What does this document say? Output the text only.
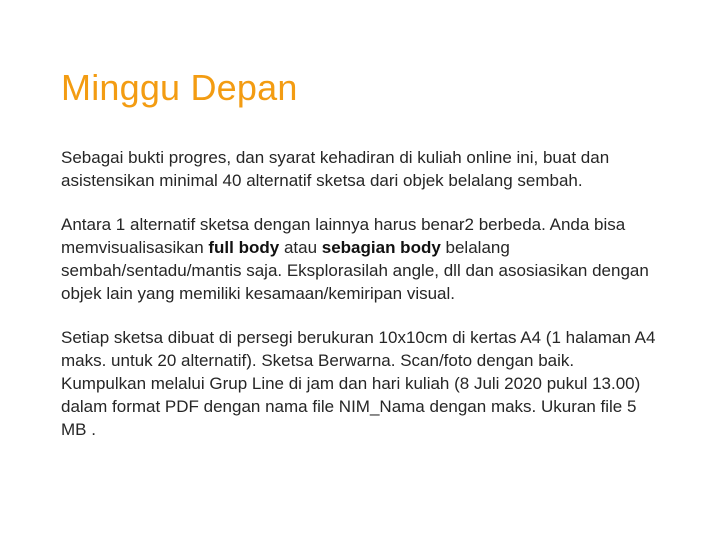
Minggu Depan

Sebagai bukti progres, dan syarat kehadiran di kuliah online ini, buat dan asistensikan minimal 40 alternatif sketsa dari objek belalang sembah.

Antara 1 alternatif sketsa dengan lainnya harus benar2 berbeda. Anda bisa memvisualisasikan full body atau sebagian body belalang sembah/sentadu/mantis saja. Eksplorasilah angle, dll dan asosiasikan dengan objek lain yang memiliki kesamaan/kemiripan visual.

Setiap sketsa dibuat di persegi berukuran 10x10cm di kertas A4 (1 halaman A4 maks. untuk 20 alternatif). Sketsa Berwarna. Scan/foto dengan baik. Kumpulkan melalui Grup Line di jam dan hari kuliah (8 Juli 2020 pukul 13.00) dalam format PDF dengan nama file NIM_Nama dengan maks. Ukuran file 5 MB .
